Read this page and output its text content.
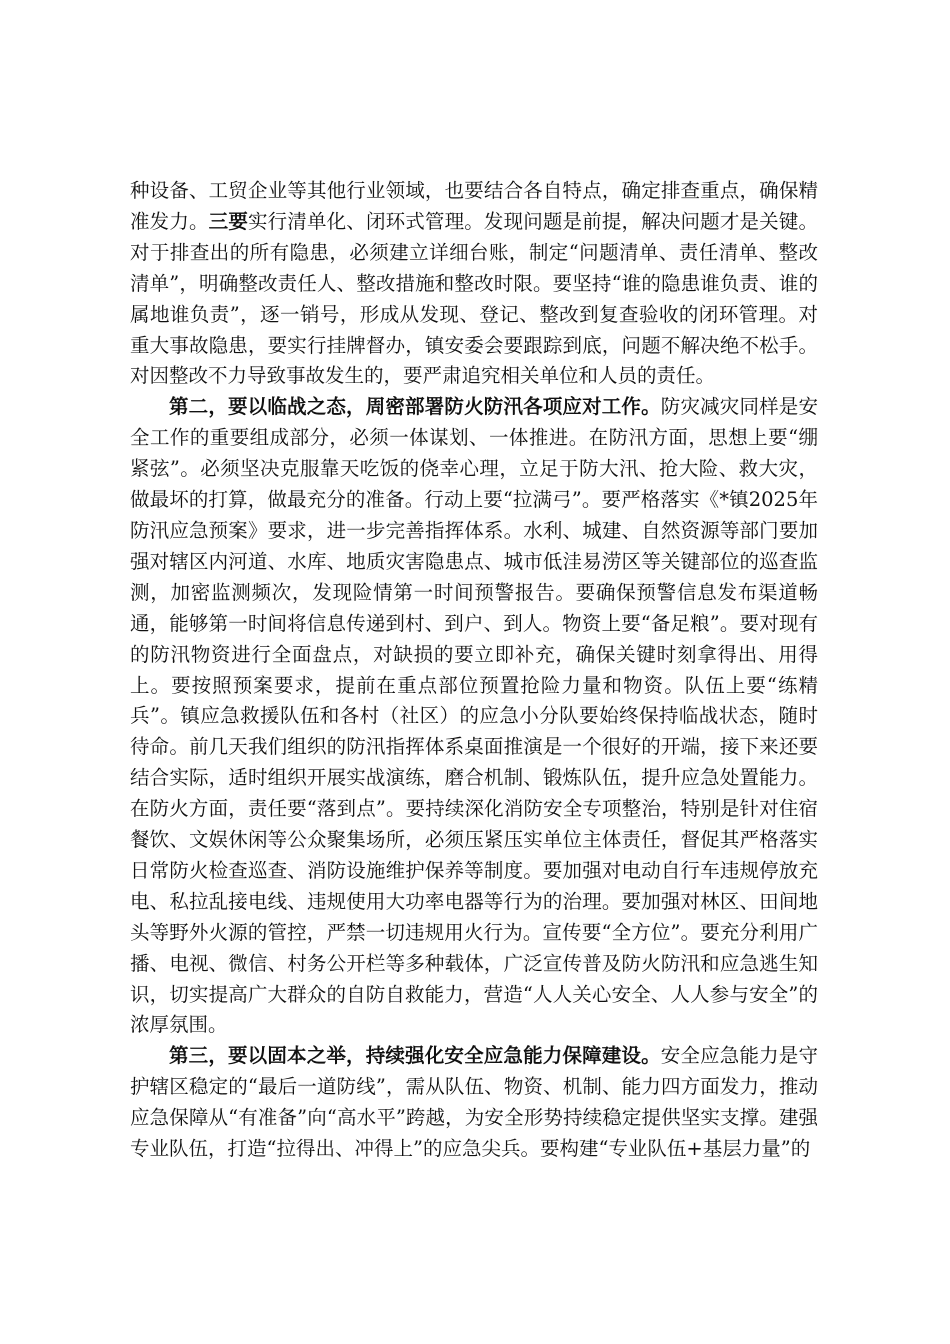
种设备、工贸企业等其他行业领域，也要结合各自特点，确定排查重点，确保精准发力。三要实行清单化、闭环式管理。发现问题是前提，解决问题才是关键。对于排查出的所有隐患，必须建立详细台账，制定“问题清单、责任清单、整改清单”，明确整改责任人、整改措施和整改时限。要坚持“谁的隐患谁负责、谁的属地谁负责”，逐一销号，形成从发现、登记、整改到复查验收的闭环管理。对重大事故隐患，要实行挂牌督办，镇安委会要跟踪到底，问题不解决绝不松手。对因整改不力导致事故发生的，要严肃追究相关单位和人员的责任。

第二，要以临战之态，周密部署防火防汛各项应对工作。防灾减灾同样是安全工作的重要组成部分，必须一体谋划、一体推进。在防汛方面，思想上要“绷紧弦”。必须坚决克服靠天吃饭的侥幸心理，立足于防大汛、抢大险、救大灾，做最坏的打算，做最充分的准备。行动上要“拉满弓”。要严格落实《*镇2025年防汛应急预案》要求，进一步完善指挥体系。水利、城建、自然资源等部门要加强对辖区内河道、水库、地质灾害隐患点、城市低洼易涝区等关键部位的巡查监测，加密监测频次，发现险情第一时间预警报告。要确保预警信息发布渠道畅通，能够第一时间将信息传递到村、到户、到人。物资上要“备足粮”。要对现有的防汛物资进行全面盘点，对缺损的要立即补充，确保关键时刻拿得出、用得上。要按照预案要求，提前在重点部位预置抢险力量和物资。队伍上要“练精兵”。镇应急救援队伍和各村（社区）的应急小分队要始终保持临战状态，随时待命。前几天我们组织的防汛指挥体系桌面推演是一个很好的开端，接下来还要结合实际，适时组织开展实战演练，磨合机制、锻炼队伍，提升应急处置能力。在防火方面，责任要“落到点”。要持续深化消防安全专项整治，特别是针对住宿餐饮、文娱休闲等公众聚集场所，必须压紧压实单位主体责任，督促其严格落实日常防火检查巡查、消防设施维护保养等制度。要加强对电动自行车违规停放充电、私拉乱接电线、违规使用大功率电器等行为的治理。要加强对林区、田间地头等野外火源的管控，严禁一切违规用火行为。宣传要“全方位”。要充分利用广播、电视、微信、村务公开栏等多种载体，广泛宣传普及防火防汛和应急逃生知识，切实提高广大群众的自防自救能力，营造“人人关心安全、人人参与安全”的浓厚氛围。

第三，要以固本之举，持续强化安全应急能力保障建设。安全应急能力是守护辖区稳定的“最后一道防线”，需从队伍、物资、机制、能力四方面发力，推动应急保障从“有准备”向“高水平”跨越，为安全形势持续稳定提供坚实支撑。建强专业队伍，打造“拉得出、冲得上”的应急尖兵。要构建“专业队伍+基层力量”的
